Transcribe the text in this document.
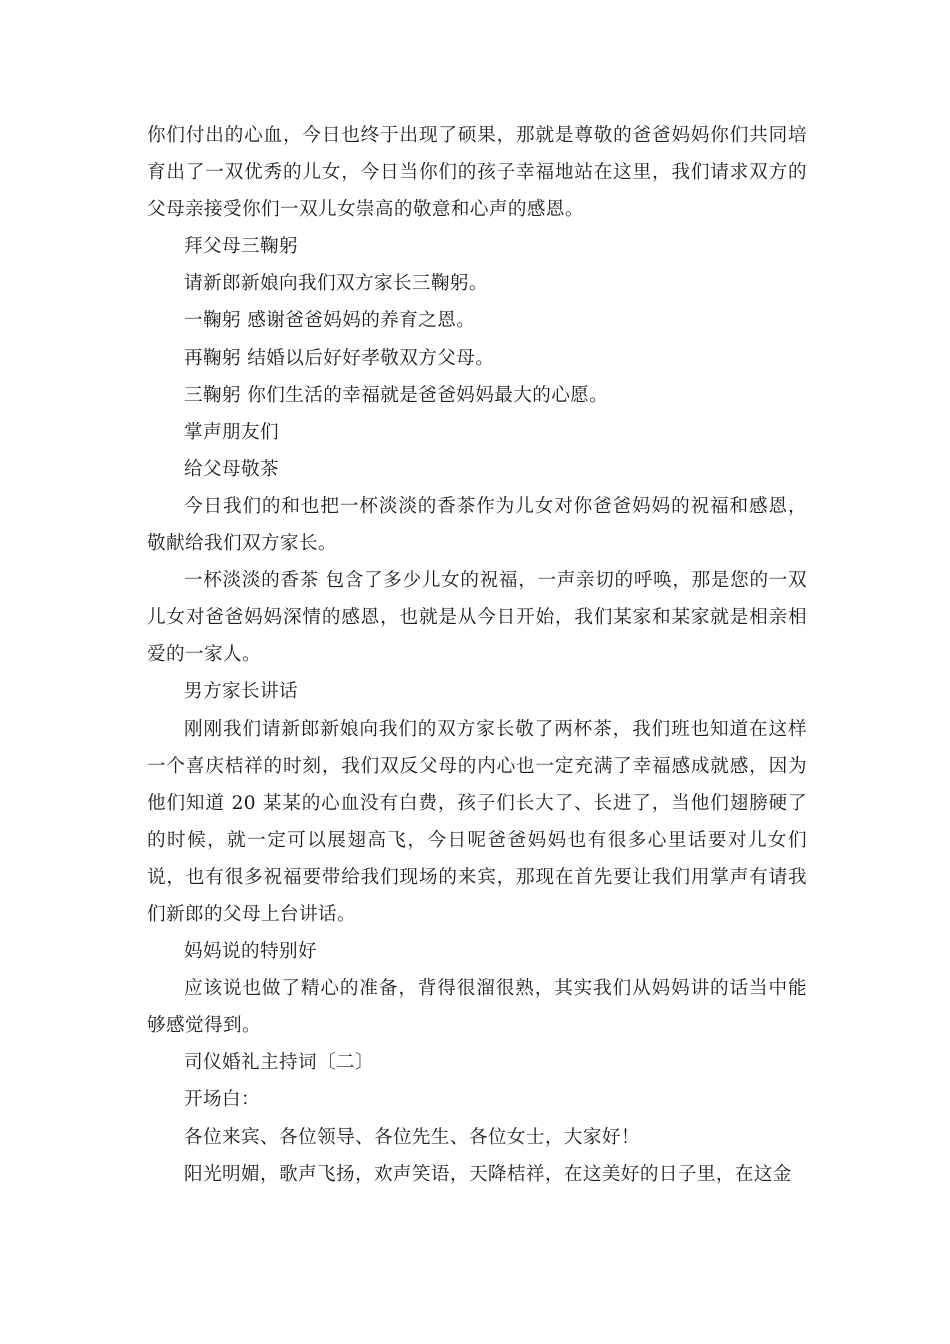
你们付出的心血，今日也终于出现了硕果，那就是尊敬的爸爸妈妈你们共同培育出了一双优秀的儿女，今日当你们的孩子幸福地站在这里，我们请求双方的父母亲接受你们一双儿女崇高的敬意和心声的感恩。

拜父母三鞠躬

请新郎新娘向我们双方家长三鞠躬。

一鞠躬 感谢爸爸妈妈的养育之恩。

再鞠躬 结婚以后好好孝敬双方父母。

三鞠躬 你们生活的幸福就是爸爸妈妈最大的心愿。

掌声朋友们

给父母敬茶

今日我们的和也把一杯淡淡的香茶作为儿女对你爸爸妈妈的祝福和感恩，敬献给我们双方家长。

一杯淡淡的香茶 包含了多少儿女的祝福，一声亲切的呼唤，那是您的一双儿女对爸爸妈妈深情的感恩，也就是从今日开始，我们某家和某家就是相亲相爱的一家人。

男方家长讲话

刚刚我们请新郎新娘向我们的双方家长敬了两杯茶，我们班也知道在这样一个喜庆桔祥的时刻，我们双反父母的内心也一定充满了幸福感成就感，因为他们知道 20 某某的心血没有白费，孩子们长大了、长进了，当他们翅膀硬了的时候，就一定可以展翅高飞，今日呢爸爸妈妈也有很多心里话要对儿女们说，也有很多祝福要带给我们现场的来宾，那现在首先要让我们用掌声有请我们新郎的父母上台讲话。

妈妈说的特别好

应该说也做了精心的准备，背得很溜很熟，其实我们从妈妈讲的话当中能够感觉得到。

司仪婚礼主持词〔二〕

开场白：

各位来宾、各位领导、各位先生、各位女士，大家好！

阳光明媚，歌声飞扬，欢声笑语，天降桔祥，在这美好的日子里，在这金
